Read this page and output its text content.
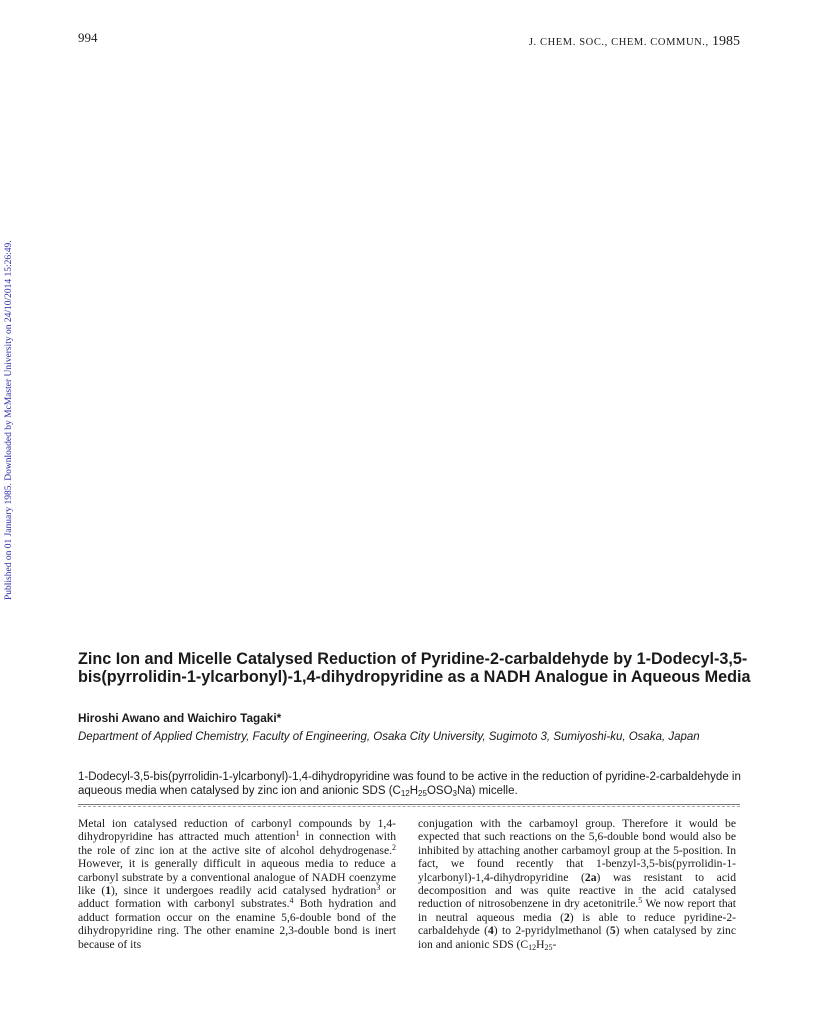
994	J. CHEM. SOC., CHEM. COMMUN., 1985
Published on 01 January 1985. Downloaded by McMaster University on 24/10/2014 15:26:49.
Zinc Ion and Micelle Catalysed Reduction of Pyridine-2-carbaldehyde by 1-Dodecyl-3,5-bis(pyrrolidin-1-ylcarbonyl)-1,4-dihydropyridine as a NADH Analogue in Aqueous Media
Hiroshi Awano and Waichiro Tagaki*
Department of Applied Chemistry, Faculty of Engineering, Osaka City University, Sugimoto 3, Sumiyoshi-ku, Osaka, Japan
1-Dodecyl-3,5-bis(pyrrolidin-1-ylcarbonyl)-1,4-dihydropyridine was found to be active in the reduction of pyridine-2-carbaldehyde in aqueous media when catalysed by zinc ion and anionic SDS $(C_{12}H_{25}OSO_3Na)$ micelle.

Metal ion catalysed reduction of carbonyl compounds by 1,4-dihydropyridine has attracted much attention$^1$ in connection with the role of zinc ion at the active site of alcohol dehydrogenase.$^2$ However, it is generally difficult in aqueous media to reduce a carbonyl substrate by a conventional analogue of NADH coenzyme like (1), since it undergoes readily acid catalysed hydration$^3$ or adduct formation with carbonyl substrates.$^4$ Both hydration and adduct formation occur on the enamine 5,6-double bond of the dihydropyridine ring. The other enamine 2,3-double bond is inert because of its

conjugation with the carbamoyl group. Therefore it would be expected that such reactions on the 5,6-double bond would also be inhibited by attaching another carbamoyl group at the 5-position. In fact, we found recently that 1-benzyl-3,5-bis(pyrrolidin-1-ylcarbonyl)-1,4-dihydropyridine (2a) was resistant to acid decomposition and was quite reactive in the acid catalysed reduction of nitrosobenzene in dry acetonitrile.$^5$ We now report that in neutral aqueous media (2) is able to reduce pyridine-2-carbaldehyde (4) to 2-pyridylmethanol (5) when catalysed by zinc ion and anionic SDS ($C_{12}H_{25}-$
